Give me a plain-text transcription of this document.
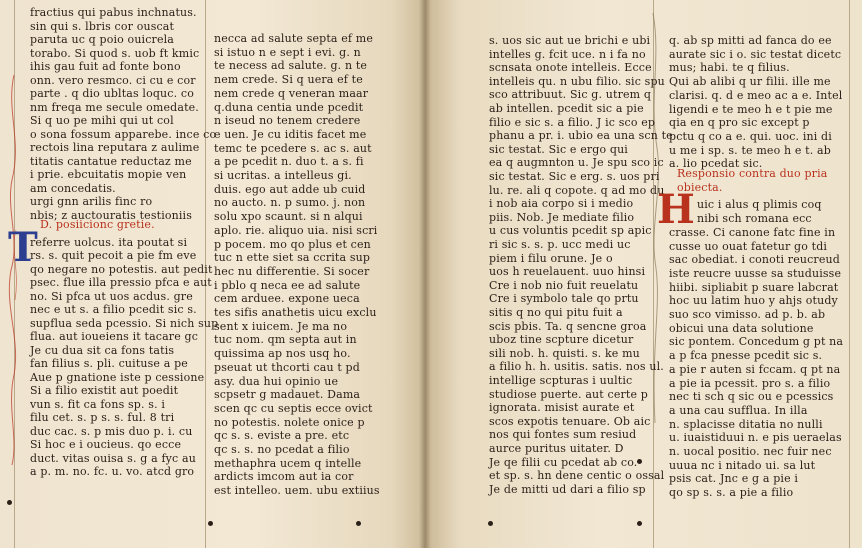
fractius qui pabus inchnatus.
sin qui s. lbris cor ouscat
paruta uc q poio ouicrela
torabo. Si quod s. uob ft kmic
ihis gau fuit ad fonte bono
onn. vero resmco. ci cu e cor
parte . q dio ubltas loquc. co
nm freqa me secule omedate.
Si q uo pe mihi qui ut col
o sona fossum apparebe. ince co
rectois lina reputara z aulime
titatis cantatue reductaz me
i prie. ebcuitatis mopie ven
am concedatis.
urgi gnn arilis finc ro
nbis; z auctouratis testioniis
referre uolcus. ita poutat si
rs. s. quit pecoit a pie fm eve
qo negare no potestis. aut pedit
psec. flue illa pressio pfca e aut
no. Si pfca ut uos acdus. gre
nec e ut s. a filio pcedit sic s.
supflua seda pcessio. Si nich sup
flua. aut ioueiens it tacare gc
Je cu dua sit ca fons tatis
fan filius s. pli. cuituse a pe
Aue p gnatione iste p cessione
Si a filio existit aut poedit
vun s. fit ca fons sp. s. i
filu cet. s. p s. s. ful. 8 tri
duc cac. s. p mis duo p. i. cu
Si hoc e i oucieus. qo ecce
duct. vitas ouisa s. g a fyc au
a p. m. no. fc. u. vo. atcd gro
necca ad salute septa ef me
si istuo n e sept i evi. g. n
te necess ad salute. g. n te
nem crede. Si q uera ef te
nem crede q veneran maar
q.duna centia unde pcedit
n iseud no tenem credere
e uen. Je cu iditis facet me
temc te pcedere s. ac s. aut
a pe pcedit n. duo t. a s. fi
si ucritas. a intelleus gi.
duis. ego aut adde ub cuid
no aucto. n. p sumo. j. non
solu xpo scaunt. si n alqui
aplo. rie. aliquo uia. nisi scri
p pocem. mo qo plus et cen
tuc n ette siet sa ccrita sup
hec nu differentie. Si socer
i pblo q neca ee ad salute
cem arduee. expone ueca
tes sifis anathetis uicu exclu
sent x iuicem. Je ma no
tuc nom. qm septa aut in
quissima ap nos usq ho.
pseuat ut thcorti cau t pd
asy. dua hui opinio ue
scpsetr g madauet. Dama
scen qc cu septis ecce ovict
no potestis. nolete onice p
qc s. s. eviste a pre. etc
qc s. s. no pcedat a filio
methaphra ucem q intelle
ardicts imcom aut ia cor
est intelleo. uem. ubu extiius
D. posiicionc gretie.
T
s. uos sic aut ue brichi e ubi
intelles g. fcit uce. n i fa no
scnsata onote intelleis. Ecce
intelleis qu. n ubu filio. sic spu
sco attribuut. Sic g. utrem q
ab intellen. pcedit sic a pie
filio e sic s. a filio. J ic sco ep
phanu a pr. i. ubio ea una scn te
sic testat. Sic e ergo qui
ea q augmnton u. Je spu sco ic
sic testat. Sic e erg. s. uos pri
lu. re. ali q copote. q ad mo du
i nob aia corpo si i medio
piis. Nob. Je mediate filio
u cus voluntis pcedit sp apic
ri sic s. s. p. ucc medi uc
piem i filu orune. Je o
uos h reuelauent. uuo hinsi
Cre i nob nio fuit reuelatu
Cre i symbolo tale qo prtu
sitis q no qui pitu fuit a
scis pbis. Ta. q sencne groa
uboz tine scpture dicetur
sili nob. h. quisti. s. ke mu
a filio h. h. usitis. satis. nos ul.
intellige scpturas i uultic
studiose puerte. aut certe p
ignorata. misist aurate et
scos expotis tenuare. Ob aic
nos qui fontes sum resiud
aurce puritus uitater. D
Je qe filii cu pcedat ab co.
et sp. s. hn dene centic o ossal
Je de mitti ud dari a filio sp
q. ab sp mitti ad fanca do ee
aurate sic i o. sic testat dicetc
mus; habi. te q filius.
Qui ab alibi q ur filii. ille me
clarisi. q. d e meo ac a e. Intel
ligendi e te meo h e t pie me
qia en q pro sic except p
pctu q co a e. qui. uoc. ini di
u me i sp. s. te meo h e t. ab
a. lio pcedat sic.
uic i alus q plimis coq
nibi sch romana ecc
crasse. Ci canone fatc fine in
cusse uo ouat fatetur go tdi
sac obediat. i conoti reucreud
iste reucre uusse sa studuisse
hiibi. sipliabit p suare labcrat
hoc uu latim huo y ahjs otudy
suo sco vimisso. ad p. b. ab
obicui una data solutione
sic pontem. Concedum g pt na
a p fca pnesse pcedit sic s.
a pie r auten si fccam. q pt na
a pie ia pcessit. pro s. a filio
nec ti sch q sic ou e pcessics
a una cau sufflua. In illa
n. splacisse ditatia no nulli
u. iuaistiduui n. e pis ueraelas
n. uocal positio. nec fuir nec
uuua nc i nitado ui. sa lut
psis cat. Jnc e g a pie i
qo sp s. s. a pie a filio
Responsio contra duo pria
obiecta.
H
